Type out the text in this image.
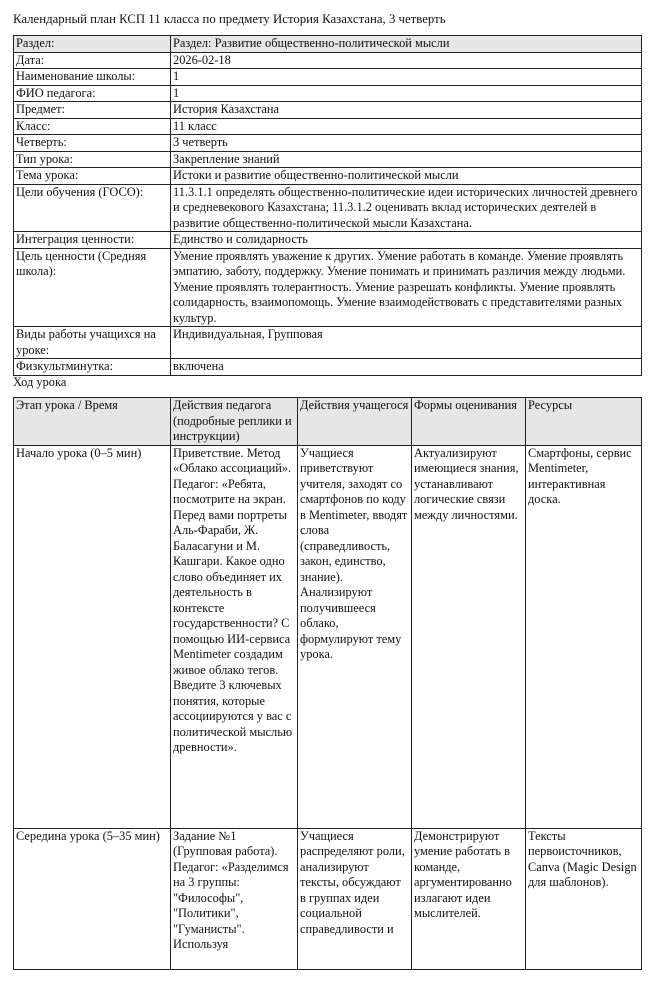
Календарный план КСП 11 класса по предмету История Казахстана, 3 четверть
Раздел:	Раздел: Развитие общественно-политической мысли
Дата:	2026-02-18
Наименование школы:	1
ФИО педагога:	1
Предмет:	История Казахстана
Класс:	11 класс
Четверть:	3 четверть
Тип урока:	Закрепление знаний
Тема урока:	Истоки и развитие общественно-политической мысли
Цели обучения (ГОСО):	11.3.1.1 определять общественно-политические идеи исторических личностей древнего и средневекового Казахстана; 11.3.1.2 оценивать вклад исторических деятелей в развитие общественно-политической мысли Казахстана.
Интеграция ценности:	Единство и солидарность
Цель ценности (Средняя школа):	Умение проявлять уважение к других. Умение работать в команде. Умение проявлять эмпатию, заботу, поддержку. Умение понимать и принимать различия между людьми. Умение проявлять толерантность. Умение разрешать конфликты. Умение проявлять солидарность, взаимопомощь. Умение взаимодействовать с представителями разных культур.
Виды работы учащихся на уроке:	Индивидуальная, Групповая
Физкультминутка:	включена
Ход урока
Этап урока / Время	Действия педагога (подробные реплики и инструкции)	Действия учащегося	Формы оценивания	Ресурсы
Начало урока (0–5 мин)	Приветствие. Метод «Облако ассоциаций». Педагог: «Ребята, посмотрите на экран. Перед вами портреты Аль-Фараби, Ж. Баласагуни и М. Кашгари. Какое одно слово объединяет их деятельность в контексте государственности? С помощью ИИ-сервиса Mentimeter создадим живое облако тегов. Введите 3 ключевых понятия, которые ассоциируются у вас с политической мыслью древности».	Учащиеся приветствуют учителя, заходят со смартфонов по коду в Mentimeter, вводят слова (справедливость, закон, единство, знание). Анализируют получившееся облако, формулируют тему урока.	Актуализируют имеющиеся знания, устанавливают логические связи между личностями.	Смартфоны, сервис Mentimeter, интерактивная доска.
Середина урока (5–35 мин)	Задание №1 (Групповая работа). Педагог: «Разделимся на 3 группы: "Философы", "Политики", "Гуманисты". Используя	Учащиеся распределяют роли, анализируют тексты, обсуждают в группах идеи социальной справедливости и	Демонстрируют умение работать в команде, аргументированно излагают идеи мыслителей.	Тексты первоисточников, Canva (Magic Design для шаблонов).
